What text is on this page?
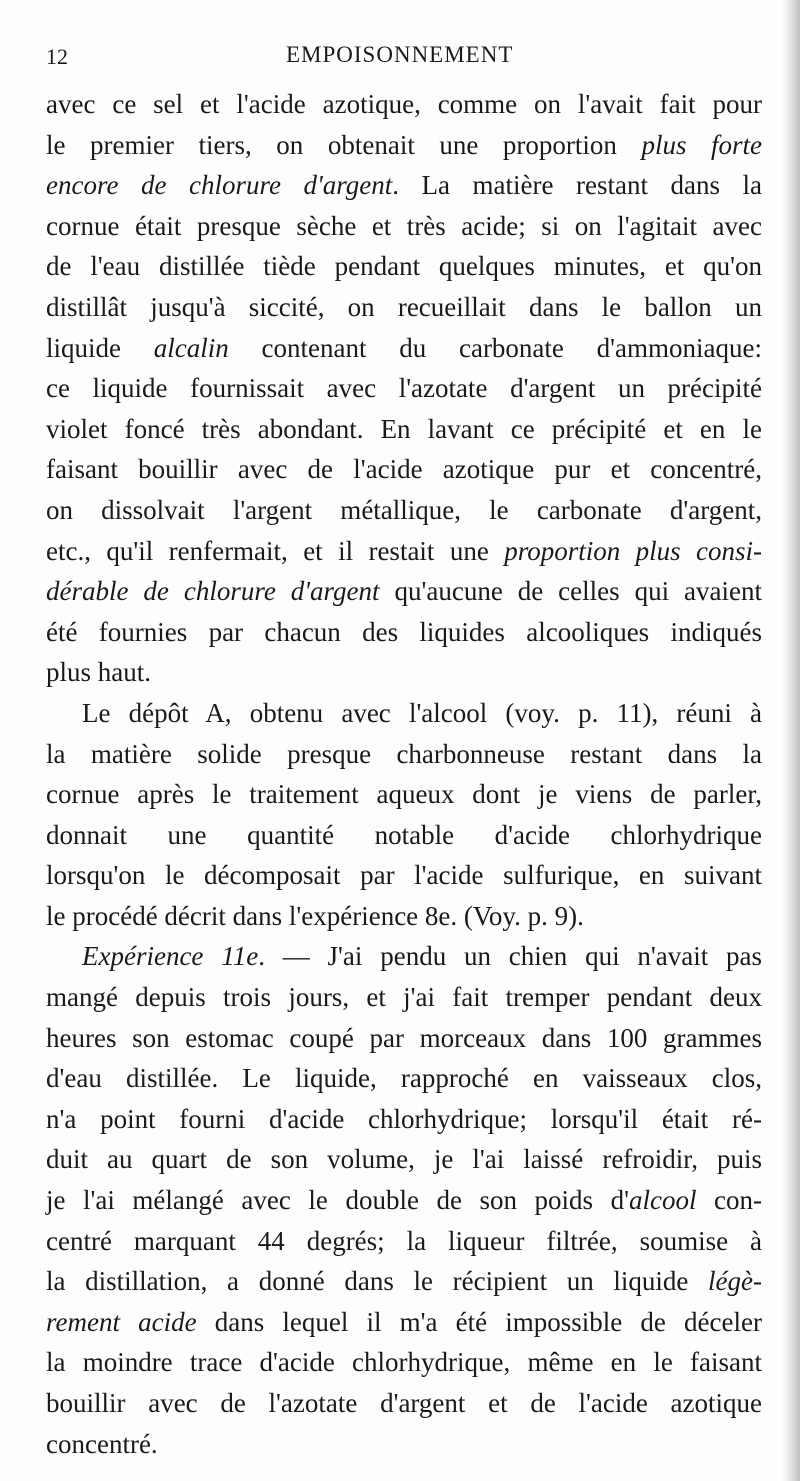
12	EMPOISONNEMENT
avec ce sel et l'acide azotique, comme on l'avait fait pour
le premier tiers, on obtenait une proportion plus forte
encore de chlorure d'argent. La matière restant dans la
cornue était presque sèche et très acide; si on l'agitait avec
de l'eau distillée tiède pendant quelques minutes, et qu'on
distillât jusqu'à siccité, on recueillait dans le ballon un
liquide alcalin contenant du carbonate d'ammoniaque:
ce liquide fournissait avec l'azotate d'argent un précipité
violet foncé très abondant. En lavant ce précipité et en le
faisant bouillir avec de l'acide azotique pur et concentré,
on dissolvait l'argent métallique, le carbonate d'argent,
etc., qu'il renfermait, et il restait une proportion plus consi-
dérable de chlorure d'argent qu'aucune de celles qui avaient
été fournies par chacun des liquides alcooliques indiqués
plus haut.
Le dépôt A, obtenu avec l'alcool (voy. p. 11), réuni à
la matière solide presque charbonneuse restant dans la
cornue après le traitement aqueux dont je viens de parler,
donnait une quantité notable d'acide chlorhydrique
lorsqu'on le décomposait par l'acide sulfurique, en suivant
le procédé décrit dans l'expérience 8e. (Voy. p. 9).
Expérience 11e. — J'ai pendu un chien qui n'avait pas
mangé depuis trois jours, et j'ai fait tremper pendant deux
heures son estomac coupé par morceaux dans 100 grammes
d'eau distillée. Le liquide, rapproché en vaisseaux clos,
n'a point fourni d'acide chlorhydrique; lorsqu'il était ré-
duit au quart de son volume, je l'ai laissé refroidir, puis
je l'ai mélangé avec le double de son poids d'alcool con-
centré marquant 44 degrés; la liqueur filtrée, soumise à
la distillation, a donné dans le récipient un liquide légè-
rement acide dans lequel il m'a été impossible de déceler
la moindre trace d'acide chlorhydrique, même en le faisant
bouillir avec de l'azotate d'argent et de l'acide azotique
concentré.
